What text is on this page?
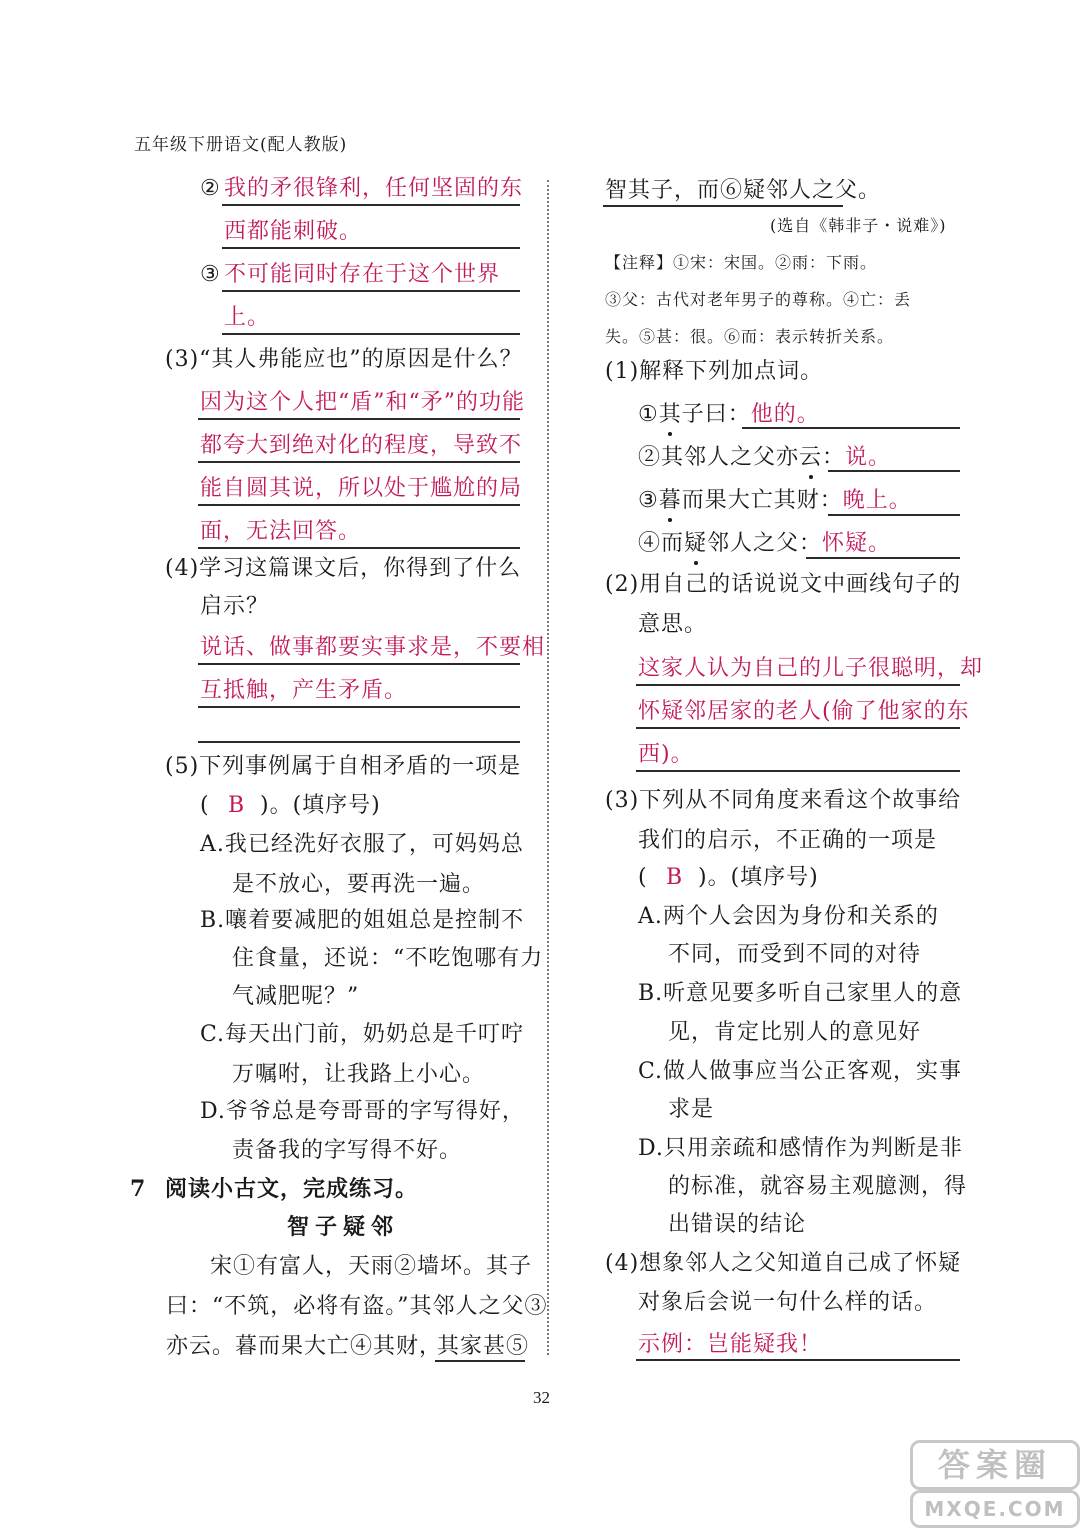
五年级下册语文(配人教版)
② 我的矛很锋利，任何坚固的东
西都能刺破。
③ 不可能同时存在于这个世界
上。
(3)“其人弗能应也”的原因是什么？
因为这个人把“盾”和“矛”的功能
都夸大到绝对化的程度，导致不
能自圆其说，所以处于尴尬的局
面，无法回答。
(4)学习这篇课文后，你得到了什么
启示？
说话、做事都要实事求是，不要相
互抵触，产生矛盾。
(5)下列事例属于自相矛盾的一项是
( B )。(填序号)
A.我已经洗好衣服了，可妈妈总
是不放心，要再洗一遍。
B.嚷着要减肥的姐姐总是控制不
住食量，还说：“不吃饱哪有力
气减肥呢？”
C.每天出门前，奶奶总是千叮咛
万嘱咐，让我路上小心。
D.爷爷总是夸哥哥的字写得好，
责备我的字写得不好。
7 阅读小古文，完成练习。
智子疑邻
宋①有富人，天雨②墙坏。其子
曰：“不筑，必将有盗。”其邻人之父③
亦云。暮而果大亡④其财，
其家甚⑤
智其子，而⑥疑邻人之父。
(选自《韩非子・说难》)
【注释】①宋：宋国。②雨：下雨。
③父：古代对老年男子的尊称。④亡：丢
失。⑤甚：很。⑥而：表示转折关系。
(1)解释下列加点词。
①其子曰：他的。
②其邻人之父亦云：说。
③暮而果大亡其财：晚上。
④而疑邻人之父：怀疑。
(2)用自己的话说说文中画线句子的
意思。
这家人认为自己的儿子很聪明，却
怀疑邻居家的老人(偷了他家的东
西)。
(3)下列从不同角度来看这个故事给
我们的启示，不正确的一项是
( B )。(填序号)
A.两个人会因为身份和关系的
不同，而受到不同的对待
B.听意见要多听自己家里人的意
见，肯定比别人的意见好
C.做人做事应当公正客观，实事
求是
D.只用亲疏和感情作为判断是非
的标准，就容易主观臆测，得
出错误的结论
(4)想象邻人之父知道自己成了怀疑
对象后会说一句什么样的话。
示例：岂能疑我！
32
答案圈
MXQE.COM
